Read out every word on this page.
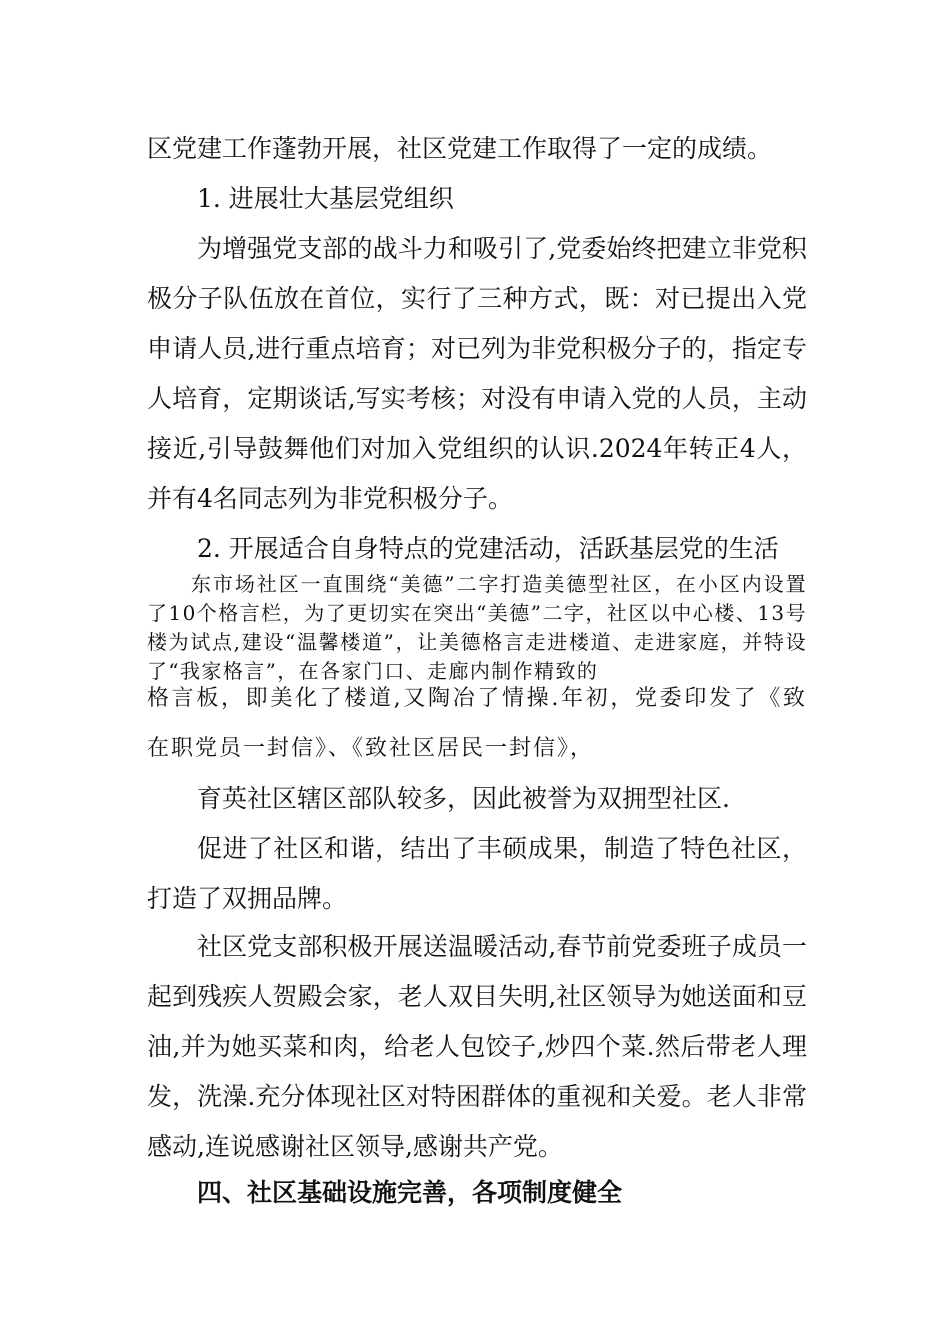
区党建工作蓬勃开展，社区党建工作取得了一定的成绩。

1. 进展壮大基层党组织

为增强党支部的战斗力和吸引了,党委始终把建立非党积极分子队伍放在首位，实行了三种方式，既：对已提出入党申请人员,进行重点培育；对已列为非党积极分子的，指定专人培育，定期谈话,写实考核；对没有申请入党的人员，主动接近,引导鼓舞他们对加入党组织的认识.2024年转正4人，并有4名同志列为非党积极分子。

2. 开展适合自身特点的党建活动，活跃基层党的生活

东市场社区一直围绕“美德”二字打造美德型社区，在小区内设置了10个格言栏，为了更切实在突出“美德”二字，社区以中心楼、13号楼为试点,建设“温馨楼道”，让美德格言走进楼道、走进家庭，并特设了“我家格言”，在各家门口、走廊内制作精致的

格言板，即美化了楼道,又陶冶了情操.年初，党委印发了《致在职党员一封信》、《致社区居民一封信》，

育英社区辖区部队较多，因此被誉为双拥型社区.

促进了社区和谐，结出了丰硕成果，制造了特色社区，打造了双拥品牌。

社区党支部积极开展送温暖活动,春节前党委班子成员一起到残疾人贺殿会家，老人双目失明,社区领导为她送面和豆油,并为她买菜和肉，给老人包饺子,炒四个菜.然后带老人理发，洗澡.充分体现社区对特困群体的重视和关爱。老人非常感动,连说感谢社区领导,感谢共产党。

四、社区基础设施完善，各项制度健全
